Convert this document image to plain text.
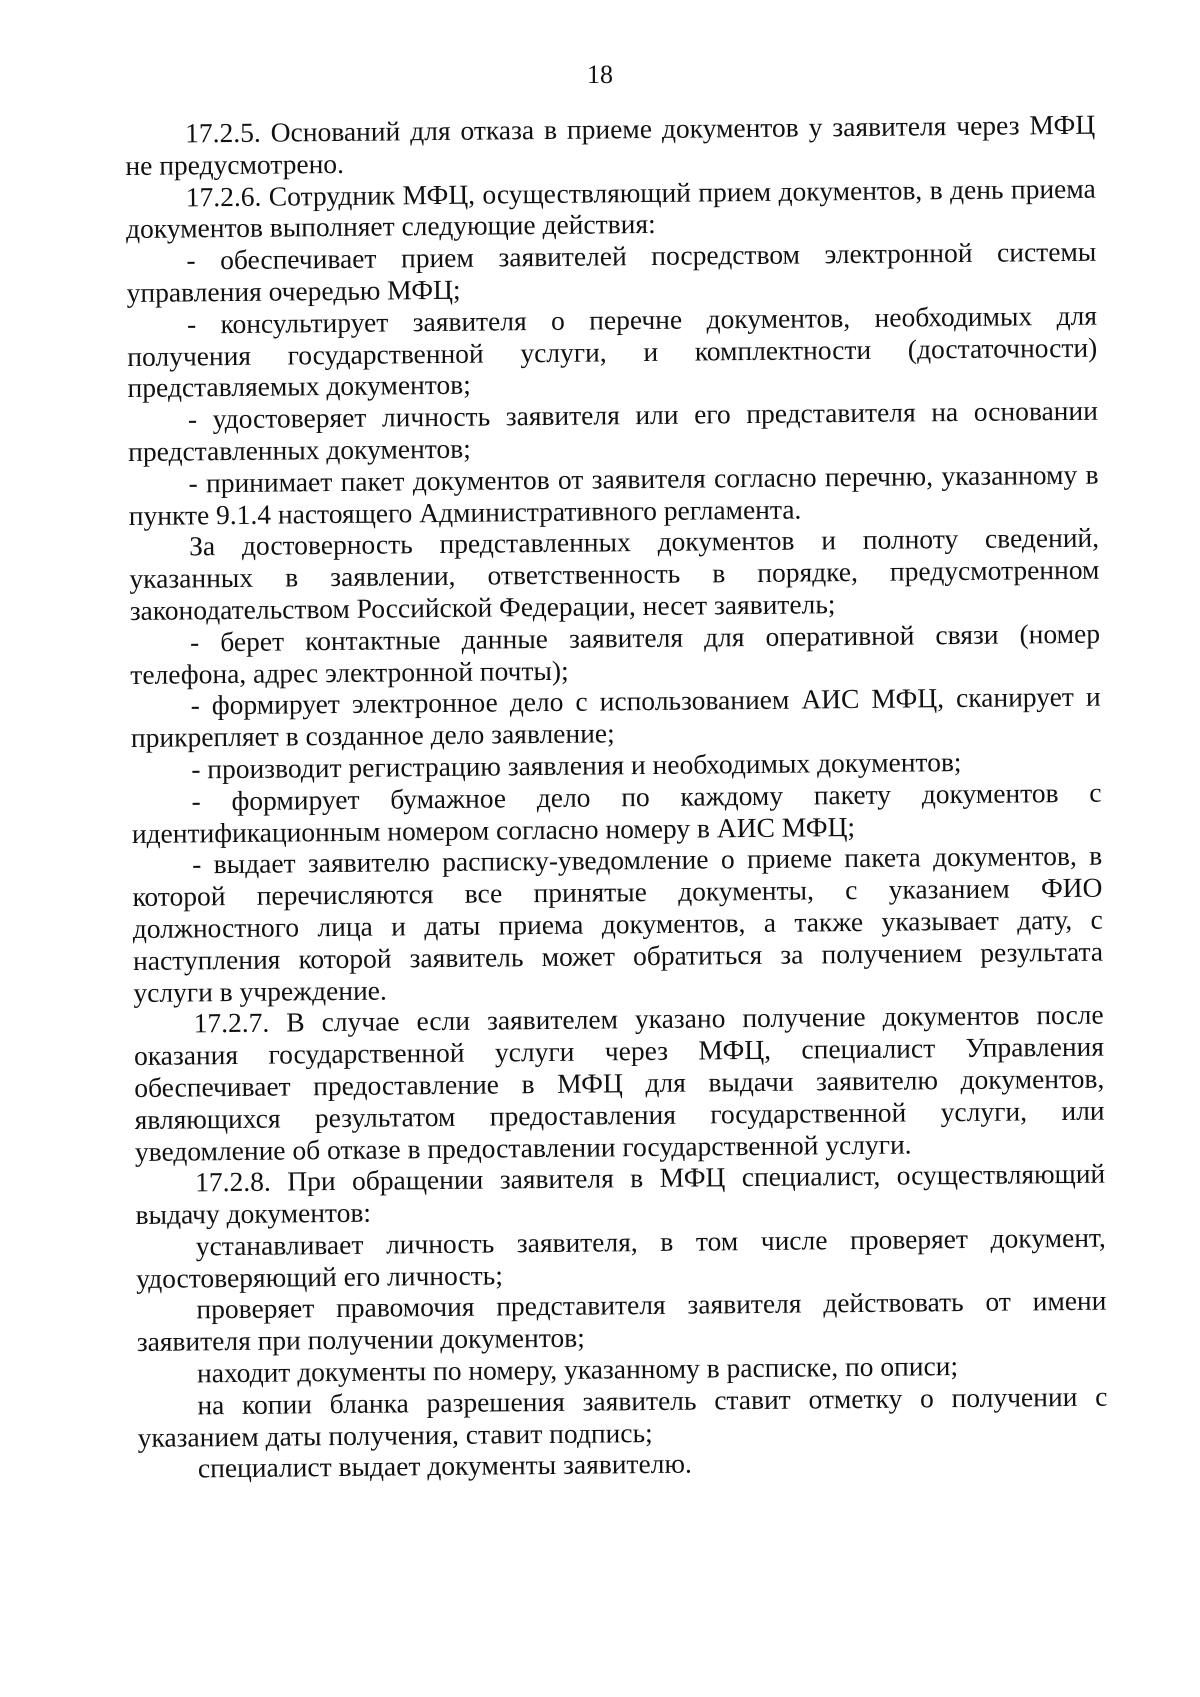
18

17.2.5. Оснований для отказа в приеме документов у заявителя через МФЦ не предусмотрено.

17.2.6. Сотрудник МФЦ, осуществляющий прием документов, в день приема документов выполняет следующие действия:

- обеспечивает прием заявителей посредством электронной системы управления очередью МФЦ;

- консультирует заявителя о перечне документов, необходимых для получения государственной услуги, и комплектности (достаточности) представляемых документов;

- удостоверяет личность заявителя или его представителя на основании представленных документов;

- принимает пакет документов от заявителя согласно перечню, указанному в пункте 9.1.4 настоящего Административного регламента.

За достоверность представленных документов и полноту сведений, указанных в заявлении, ответственность в порядке, предусмотренном законодательством Российской Федерации, несет заявитель;

- берет контактные данные заявителя для оперативной связи (номер телефона, адрес электронной почты);

- формирует электронное дело с использованием АИС МФЦ, сканирует и прикрепляет в созданное дело заявление;

- производит регистрацию заявления и необходимых документов;

- формирует бумажное дело по каждому пакету документов с идентификационным номером согласно номеру в АИС МФЦ;

- выдает заявителю расписку-уведомление о приеме пакета документов, в которой перечисляются все принятые документы, с указанием ФИО должностного лица и даты приема документов, а также указывает дату, с наступления которой заявитель может обратиться за получением результата услуги в учреждение.

17.2.7. В случае если заявителем указано получение документов после оказания государственной услуги через МФЦ, специалист Управления обеспечивает предоставление в МФЦ для выдачи заявителю документов, являющихся результатом предоставления государственной услуги, или уведомление об отказе в предоставлении государственной услуги.

17.2.8. При обращении заявителя в МФЦ специалист, осуществляющий выдачу документов:

устанавливает личность заявителя, в том числе проверяет документ, удостоверяющий его личность;

проверяет правомочия представителя заявителя действовать от имени заявителя при получении документов;

находит документы по номеру, указанному в расписке, по описи;

на копии бланка разрешения заявитель ставит отметку о получении с указанием даты получения, ставит подпись;

специалист выдает документы заявителю.
